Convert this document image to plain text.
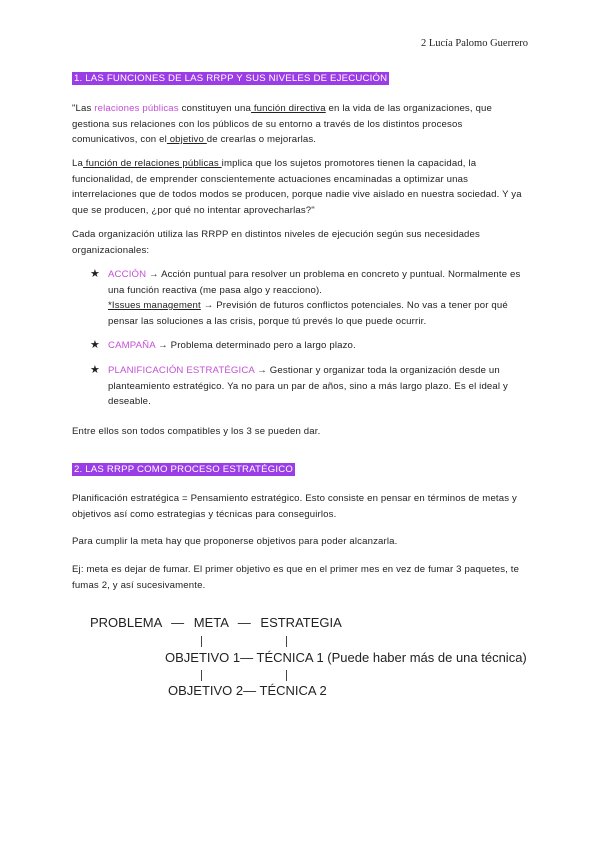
2 Lucía Palomo Guerrero
1. LAS FUNCIONES DE LAS RRPP Y SUS NIVELES DE EJECUCIÓN
"Las relaciones públicas constituyen una función directiva en la vida de las organizaciones, que gestiona sus relaciones con los públicos de su entorno a través de los distintos procesos comunicativos, con el objetivo de crearlas o mejorarlas.
La función de relaciones públicas implica que los sujetos promotores tienen la capacidad, la funcionalidad, de emprender conscientemente actuaciones encaminadas a optimizar unas interrelaciones que de todos modos se producen, porque nadie vive aislado en nuestra sociedad. Y ya que se producen, ¿por qué no intentar aprovecharlas?"
Cada organización utiliza las RRPP en distintos niveles de ejecución según sus necesidades organizacionales:
★ ACCIÓN → Acción puntual para resolver un problema en concreto y puntual. Normalmente es una función reactiva (me pasa algo y reacciono).
*Issues management → Previsión de futuros conflictos potenciales. No vas a tener por qué pensar las soluciones a las crisis, porque tú prevés lo que puede ocurrir.
★ CAMPAÑA → Problema determinado pero a largo plazo.
★ PLANIFICACIÓN ESTRATÉGICA → Gestionar y organizar toda la organización desde un planteamiento estratégico. Ya no para un par de años, sino a más largo plazo. Es el ideal y deseable.
Entre ellos son todos compatibles y los 3 se pueden dar.
2. LAS RRPP COMO PROCESO ESTRATÉGICO
Planificación estratégica = Pensamiento estratégico. Esto consiste en pensar en términos de metas y objetivos así como estrategias y técnicas para conseguirlos.
Para cumplir la meta hay que proponerse objetivos para poder alcanzarla.
Ej: meta es dejar de fumar. El primer objetivo es que en el primer mes en vez de fumar 3 paquetes, te fumas 2, y así sucesivamente.
PROBLEMA — META — ESTRATEGIA
OBJETIVO 1— TÉCNICA 1 (Puede haber más de una técnica)
OBJETIVO 2— TÉCNICA 2
